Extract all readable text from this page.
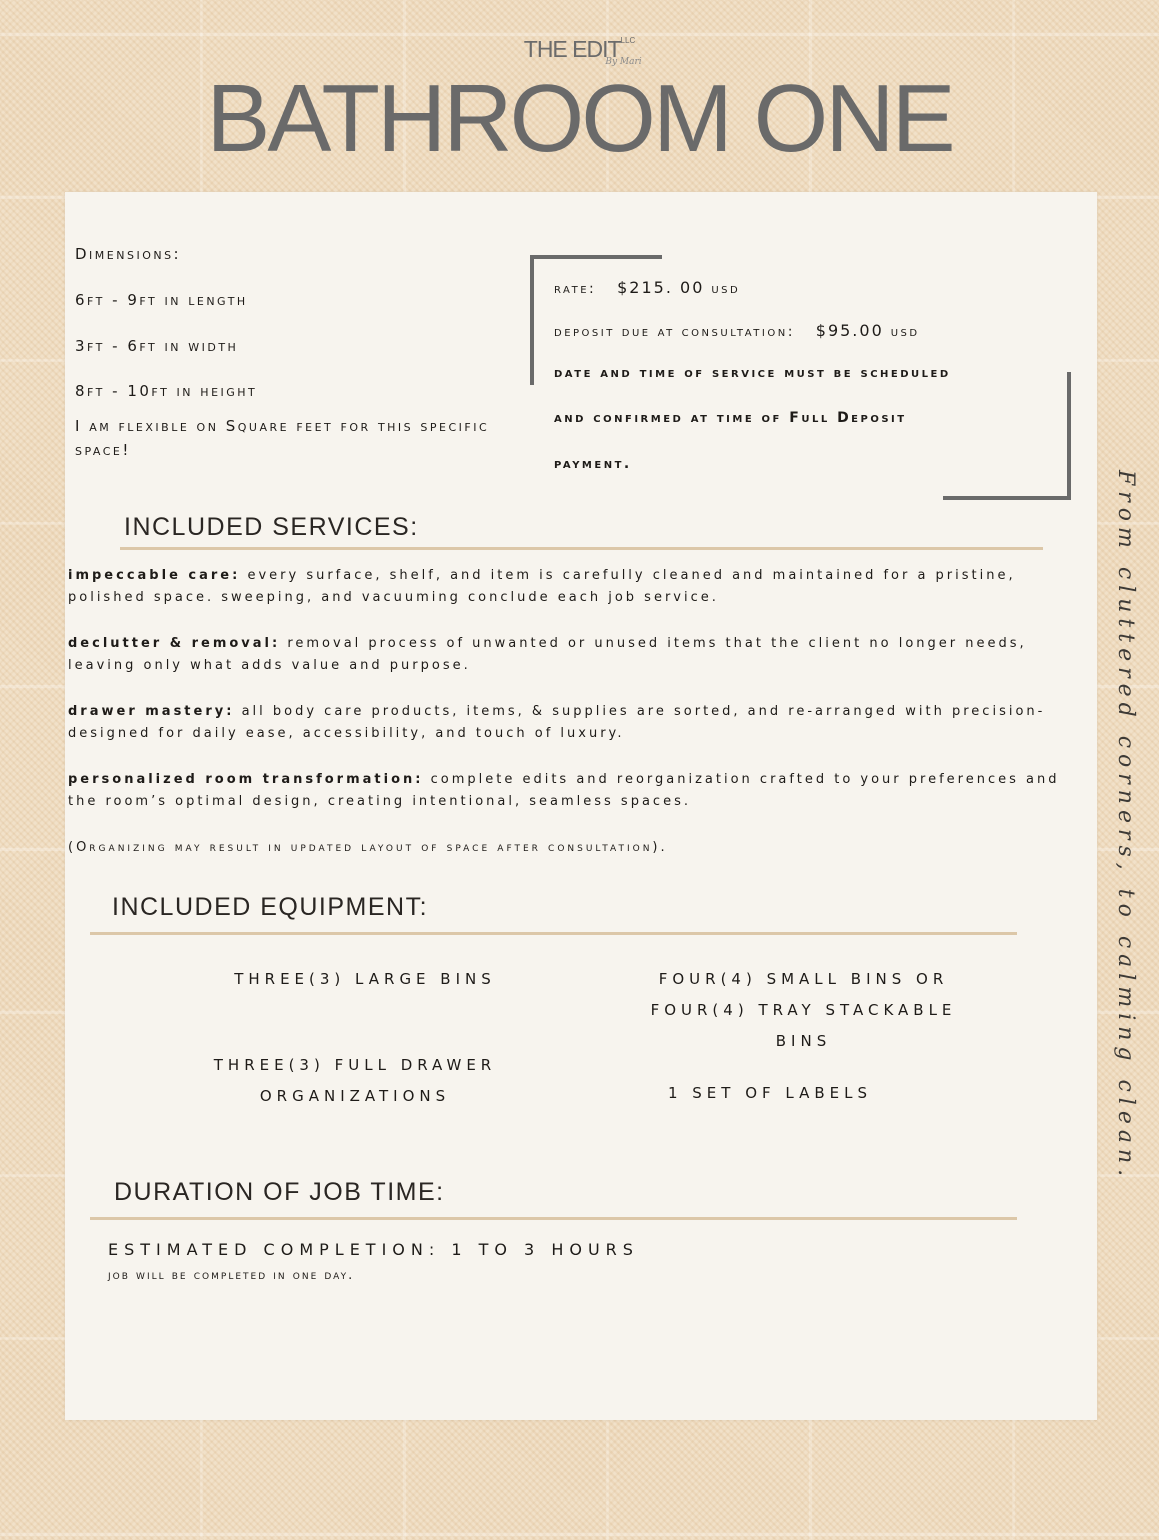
THE $EDIT^{LLC}$
By Mari
BATHROOM ONE
Dimensions:
6ft - 9ft in length
3ft - 6ft in width
8ft - 10ft in height
I am flexible on Square feet for this specific space!
rate: $215. 00 usd
deposit due at consultation: $95.00 usd
date and time of service must be scheduled
and confirmed at time of Full Deposit
payment.
INCLUDED SERVICES:
impeccable care: every surface, shelf, and item is carefully cleaned and maintained for a pristine, polished space. sweeping, and vacuuming conclude each job service.
declutter & removal: removal process of unwanted or unused items that the client no longer needs, leaving only what adds value and purpose.
drawer mastery: all body care products, items, & supplies are sorted, and re-arranged with precision- designed for daily ease, accessibility, and touch of luxury.
personalized room transformation: complete edits and reorganization crafted to your preferences and the room’s optimal design, creating intentional, seamless spaces.
(Organizing may result in updated layout of space after consultation).
INCLUDED EQUIPMENT:
THREE(3) LARGE BINS
THREE(3) FULL DRAWER ORGANIZATIONS
FOUR(4) SMALL BINS OR FOUR(4) TRAY STACKABLE BINS
1 SET OF LABELS
DURATION OF JOB TIME:
ESTIMATED COMPLETION: 1 TO 3 HOURS
job will be completed in one day.
From cluttered corners, to calming clean.
